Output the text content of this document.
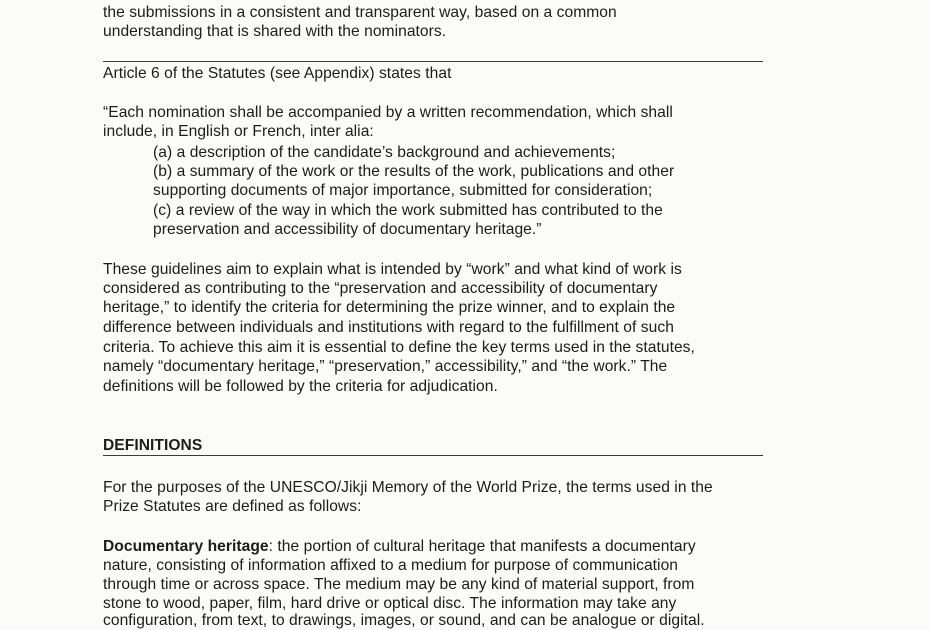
the submissions in a consistent and transparent way, based on a common
understanding that is shared with the nominators.
Article 6 of the Statutes (see Appendix) states that
“Each nomination shall be accompanied by a written recommendation, which shall
include, in English or French, inter alia:
(a) a description of the candidate’s background and achievements;
(b) a summary of the work or the results of the work, publications and other
supporting documents of major importance, submitted for consideration;
(c) a review of the way in which the work submitted has contributed to the
preservation and accessibility of documentary heritage.”
These guidelines aim to explain what is intended by “work” and what kind of work is
considered as contributing to the “preservation and accessibility of documentary
heritage,” to identify the criteria for determining the prize winner, and to explain the
difference between individuals and institutions with regard to the fulfillment of such
criteria. To achieve this aim it is essential to define the key terms used in the statutes,
namely “documentary heritage,” “preservation,” accessibility,” and “the work.” The
definitions will be followed by the criteria for adjudication.
DEFINITIONS
For the purposes of the UNESCO/Jikji Memory of the World Prize, the terms used in the
Prize Statutes are defined as follows:
Documentary heritage: the portion of cultural heritage that manifests a documentary
nature, consisting of information affixed to a medium for purpose of communication
through time or across space. The medium may be any kind of material support, from
stone to wood, paper, film, hard drive or optical disc. The information may take any
configuration, from text, to drawings, images, or sound, and can be analogue or digital.
